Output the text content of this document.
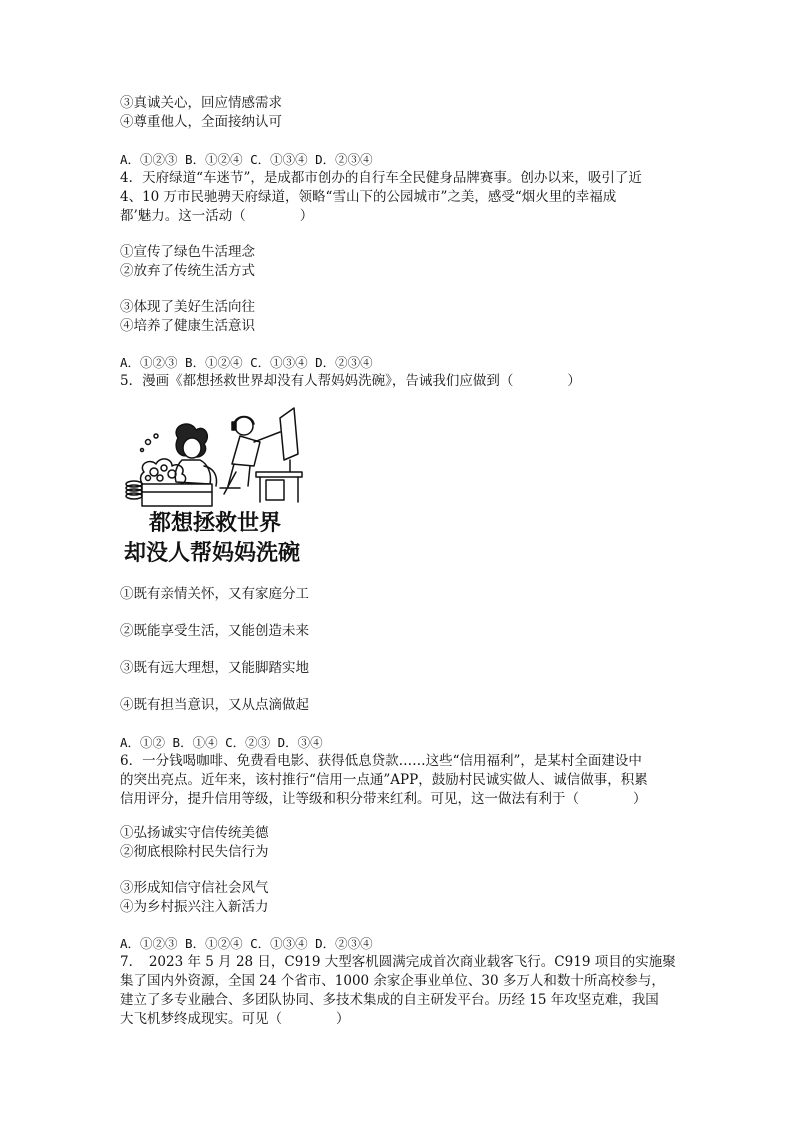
③真诚关心，回应情感需求
④尊重他人，全面接纳认可
A．①②③ B．①②④ C．①③④ D．②③④
4．天府绿道“车迷节”，是成都市创办的自行车全民健身品牌赛事。创办以来，吸引了近
4、10 万市民驰骋天府绿道，领略“雪山下的公园城市”之美，感受“烟火里的幸福成
都’魅力。这一活动（　　　　）
①宣传了绿色牛活理念
②放弃了传统生活方式
③体现了美好生活向往
④培养了健康生活意识
A．①②③ B．①②④ C．①③④ D．②③④
5．漫画《都想拯救世界却没有人帮妈妈洗碗》，告诫我们应做到（　　　　）
都想拯救世界
却没人帮妈妈洗碗
①既有亲情关怀，又有家庭分工
②既能享受生活，又能创造未来
③既有远大理想，又能脚踏实地
④既有担当意识，又从点滴做起
A．①② B．①④ C．②③ D．③④
6．一分钱喝咖啡、免费看电影、获得低息贷款……这些“信用福利”，是某村全面建设中
的突出亮点。近年来，该村推行“信用一点通”APP，鼓励村民诚实做人、诚信做事，积累
信用评分，提升信用等级，让等级和积分带来红利。可见，这一做法有利于（　　　　）
①弘扬诚实守信传统美德
②彻底根除村民失信行为
③形成知信守信社会风气
④为乡村振兴注入新活力
A．①②③ B．①②④ C．①③④ D．②③④
7．　2023 年 5 月 28 日，C919 大型客机圆满完成首次商业载客飞行。C919 项目的实施聚
集了国内外资源，全国 24 个省市、1000 余家企事业单位、30 多万人和数十所高校参与，
建立了多专业融合、多团队协同、多技术集成的自主研发平台。历经 15 年攻坚克难，我国
大飞机梦终成现实。可见（　　　　）
